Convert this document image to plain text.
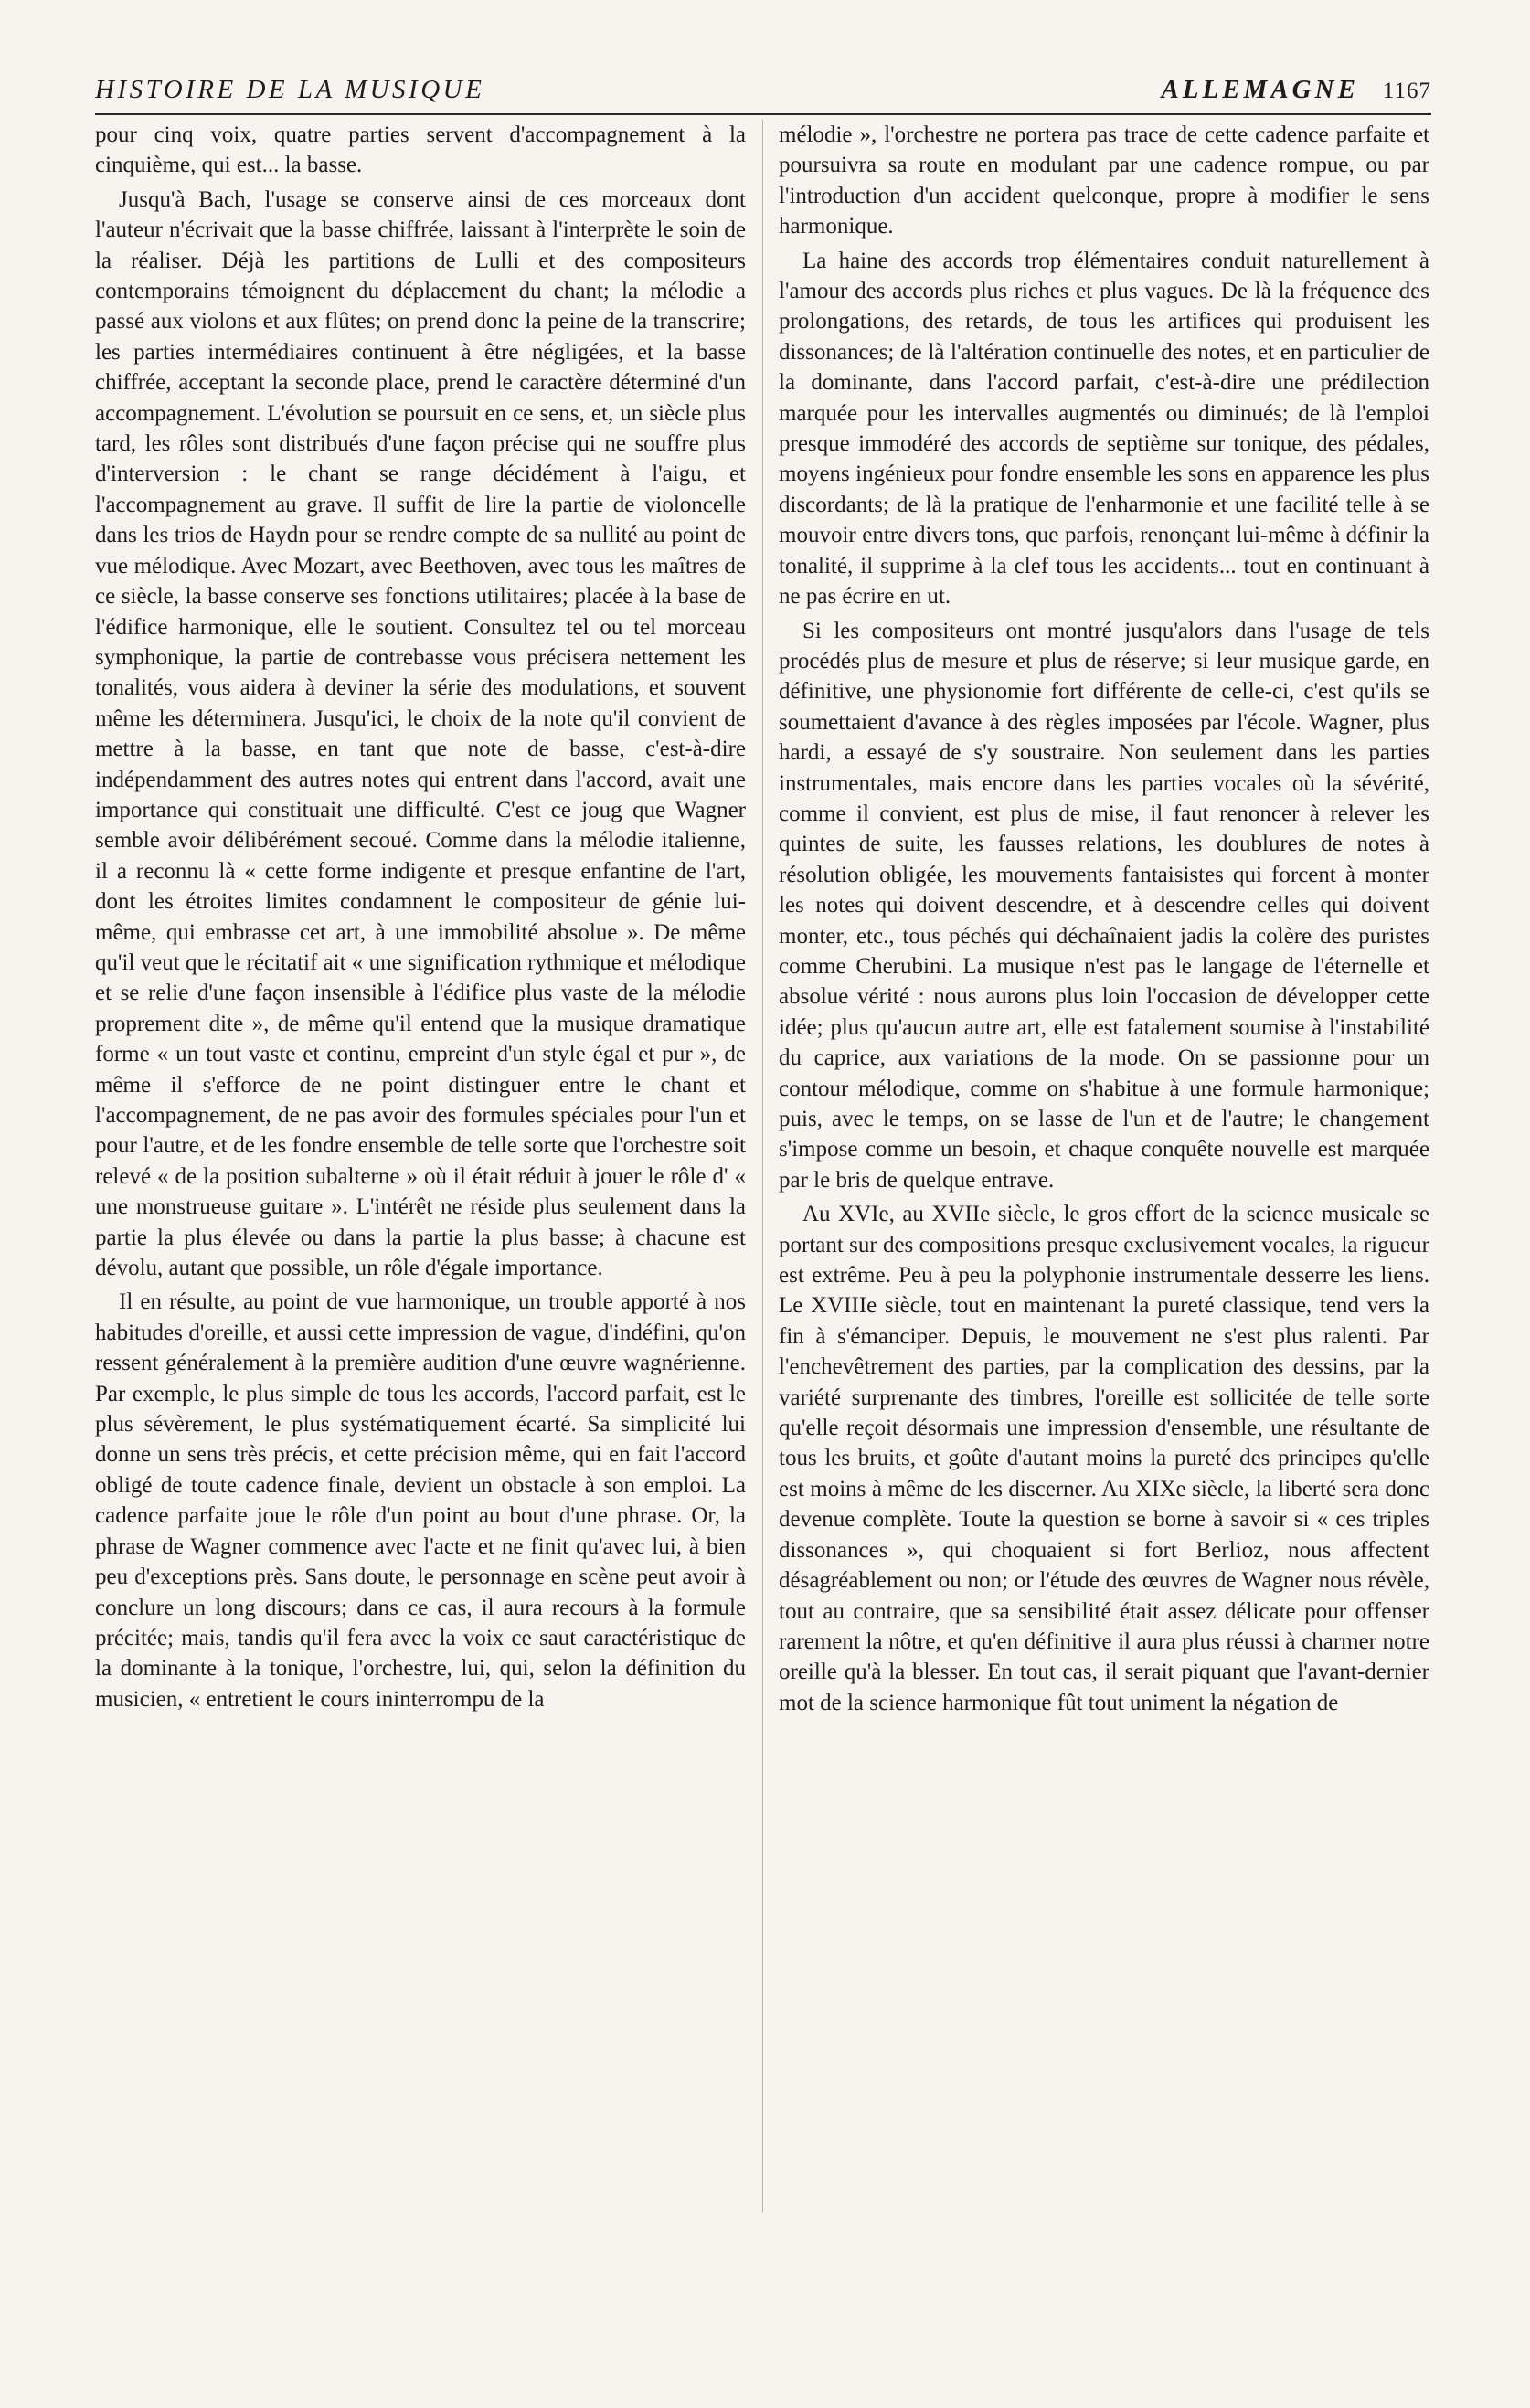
HISTOIRE DE LA MUSIQUE	ALLEMAGNE 1167

pour cinq voix, quatre parties servent d'accompagnement à la cinquième, qui est... la basse.

Jusqu'à Bach, l'usage se conserve ainsi de ces morceaux dont l'auteur n'écrivait que la basse chiffrée, laissant à l'interprète le soin de la réaliser. Déjà les partitions de Lulli et des compositeurs contemporains témoignent du déplacement du chant; la mélodie a passé aux violons et aux flûtes; on prend donc la peine de la transcrire; les parties intermédiaires continuent à être négligées, et la basse chiffrée, acceptant la seconde place, prend le caractère déterminé d'un accompagnement. L'évolution se poursuit en ce sens, et, un siècle plus tard, les rôles sont distribués d'une façon précise qui ne souffre plus d'interversion : le chant se range décidément à l'aigu, et l'accompagnement au grave. Il suffit de lire la partie de violoncelle dans les trios de Haydn pour se rendre compte de sa nullité au point de vue mélodique. Avec Mozart, avec Beethoven, avec tous les maîtres de ce siècle, la basse conserve ses fonctions utilitaires; placée à la base de l'édifice harmonique, elle le soutient. Consultez tel ou tel morceau symphonique, la partie de contrebasse vous précisera nettement les tonalités, vous aidera à deviner la série des modulations, et souvent même les déterminera. Jusqu'ici, le choix de la note qu'il convient de mettre à la basse, en tant que note de basse, c'est-à-dire indépendamment des autres notes qui entrent dans l'accord, avait une importance qui constituait une difficulté. C'est ce joug que Wagner semble avoir délibérément secoué. Comme dans la mélodie italienne, il a reconnu là « cette forme indigente et presque enfantine de l'art, dont les étroites limites condamnent le compositeur de génie lui-même, qui embrasse cet art, à une immobilité absolue ». De même qu'il veut que le récitatif ait « une signification rythmique et mélodique et se relie d'une façon insensible à l'édifice plus vaste de la mélodie proprement dite », de même qu'il entend que la musique dramatique forme « un tout vaste et continu, empreint d'un style égal et pur », de même il s'efforce de ne point distinguer entre le chant et l'accompagnement, de ne pas avoir des formules spéciales pour l'un et pour l'autre, et de les fondre ensemble de telle sorte que l'orchestre soit relevé « de la position subalterne » où il était réduit à jouer le rôle d' « une monstrueuse guitare ». L'intérêt ne réside plus seulement dans la partie la plus élevée ou dans la partie la plus basse; à chacune est dévolu, autant que possible, un rôle d'égale importance.

Il en résulte, au point de vue harmonique, un trouble apporté à nos habitudes d'oreille, et aussi cette impression de vague, d'indéfini, qu'on ressent généralement à la première audition d'une œuvre wagnérienne. Par exemple, le plus simple de tous les accords, l'accord parfait, est le plus sévèrement, le plus systématiquement écarté. Sa simplicité lui donne un sens très précis, et cette précision même, qui en fait l'accord obligé de toute cadence finale, devient un obstacle à son emploi. La cadence parfaite joue le rôle d'un point au bout d'une phrase. Or, la phrase de Wagner commence avec l'acte et ne finit qu'avec lui, à bien peu d'exceptions près. Sans doute, le personnage en scène peut avoir à conclure un long discours; dans ce cas, il aura recours à la formule précitée; mais, tandis qu'il fera avec la voix ce saut caractéristique de la dominante à la tonique, l'orchestre, lui, qui, selon la définition du musicien, « entretient le cours ininterrompu de la

mélodie », l'orchestre ne portera pas trace de cette cadence parfaite et poursuivra sa route en modulant par une cadence rompue, ou par l'introduction d'un accident quelconque, propre à modifier le sens harmonique.

La haine des accords trop élémentaires conduit naturellement à l'amour des accords plus riches et plus vagues. De là la fréquence des prolongations, des retards, de tous les artifices qui produisent les dissonances; de là l'altération continuelle des notes, et en particulier de la dominante, dans l'accord parfait, c'est-à-dire une prédilection marquée pour les intervalles augmentés ou diminués; de là l'emploi presque immodéré des accords de septième sur tonique, des pédales, moyens ingénieux pour fondre ensemble les sons en apparence les plus discordants; de là la pratique de l'enharmonie et une facilité telle à se mouvoir entre divers tons, que parfois, renonçant lui-même à définir la tonalité, il supprime à la clef tous les accidents... tout en continuant à ne pas écrire en ut.

Si les compositeurs ont montré jusqu'alors dans l'usage de tels procédés plus de mesure et plus de réserve; si leur musique garde, en définitive, une physionomie fort différente de celle-ci, c'est qu'ils se soumettaient d'avance à des règles imposées par l'école. Wagner, plus hardi, a essayé de s'y soustraire. Non seulement dans les parties instrumentales, mais encore dans les parties vocales où la sévérité, comme il convient, est plus de mise, il faut renoncer à relever les quintes de suite, les fausses relations, les doublures de notes à résolution obligée, les mouvements fantaisistes qui forcent à monter les notes qui doivent descendre, et à descendre celles qui doivent monter, etc., tous péchés qui déchaînaient jadis la colère des puristes comme Cherubini. La musique n'est pas le langage de l'éternelle et absolue vérité : nous aurons plus loin l'occasion de développer cette idée; plus qu'aucun autre art, elle est fatalement soumise à l'instabilité du caprice, aux variations de la mode. On se passionne pour un contour mélodique, comme on s'habitue à une formule harmonique; puis, avec le temps, on se lasse de l'un et de l'autre; le changement s'impose comme un besoin, et chaque conquête nouvelle est marquée par le bris de quelque entrave.

Au XVIe, au XVIIe siècle, le gros effort de la science musicale se portant sur des compositions presque exclusivement vocales, la rigueur est extrême. Peu à peu la polyphonie instrumentale desserre les liens. Le XVIIIe siècle, tout en maintenant la pureté classique, tend vers la fin à s'émanciper. Depuis, le mouvement ne s'est plus ralenti. Par l'enchevêtrement des parties, par la complication des dessins, par la variété surprenante des timbres, l'oreille est sollicitée de telle sorte qu'elle reçoit désormais une impression d'ensemble, une résultante de tous les bruits, et goûte d'autant moins la pureté des principes qu'elle est moins à même de les discerner. Au XIXe siècle, la liberté sera donc devenue complète. Toute la question se borne à savoir si « ces triples dissonances », qui choquaient si fort Berlioz, nous affectent désagréablement ou non; or l'étude des œuvres de Wagner nous révèle, tout au contraire, que sa sensibilité était assez délicate pour offenser rarement la nôtre, et qu'en définitive il aura plus réussi à charmer notre oreille qu'à la blesser. En tout cas, il serait piquant que l'avant-dernier mot de la science harmonique fût tout uniment la négation de
